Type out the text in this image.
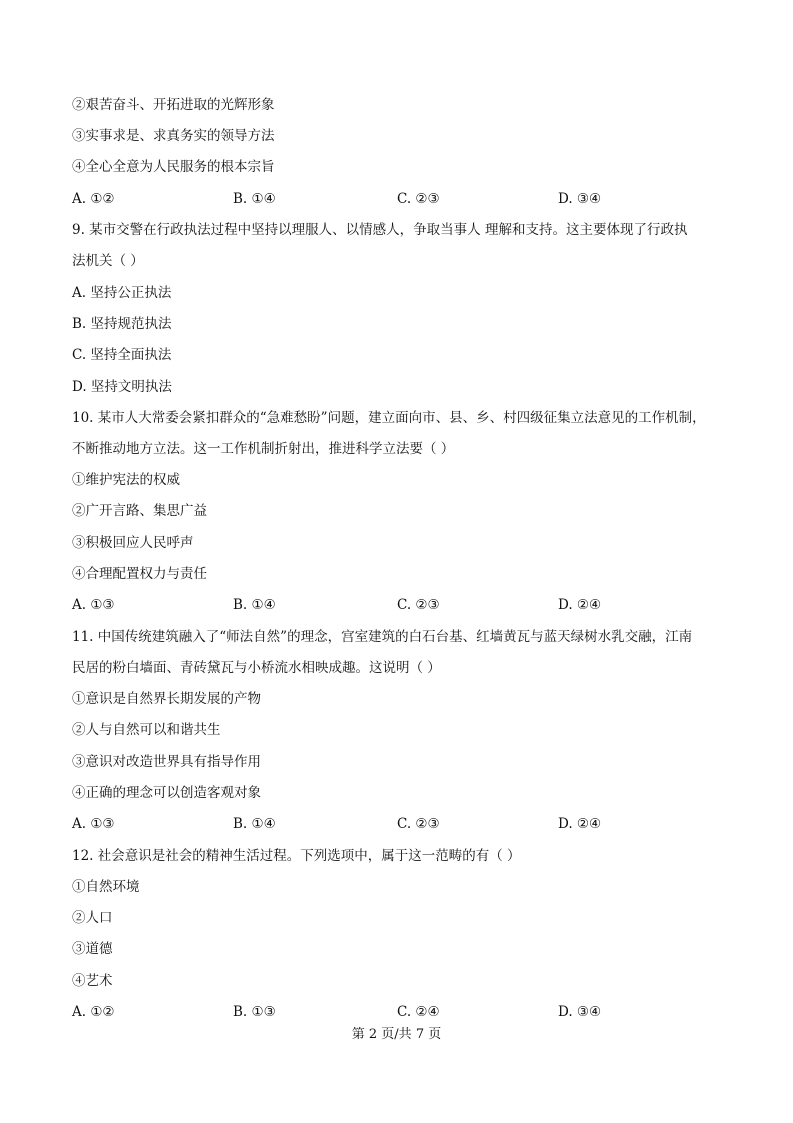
②艰苦奋斗、开拓进取的光辉形象
③实事求是、求真务实的领导方法
④全心全意为人民服务的根本宗旨
A. ①②	B. ①④	C. ②③	D. ③④
9. 某市交警在行政执法过程中坚持以理服人、以情感人，争取当事人 理解和支持。这主要体现了行政执
法机关（ ）
A. 坚持公正执法
B. 坚持规范执法
C. 坚持全面执法
D. 坚持文明执法
10. 某市人大常委会紧扣群众的“急难愁盼”问题，建立面向市、县、乡、村四级征集立法意见的工作机制，
不断推动地方立法。这一工作机制折射出，推进科学立法要（ ）
①维护宪法的权威
②广开言路、集思广益
③积极回应人民呼声
④合理配置权力与责任
A. ①③	B. ①④	C. ②③	D. ②④
11. 中国传统建筑融入了“师法自然”的理念，宫室建筑的白石台基、红墙黄瓦与蓝天绿树水乳交融，江南
民居的粉白墙面、青砖黛瓦与小桥流水相映成趣。这说明（ ）
①意识是自然界长期发展的产物
②人与自然可以和谐共生
③意识对改造世界具有指导作用
④正确的理念可以创造客观对象
A. ①③	B. ①④	C. ②③	D. ②④
12. 社会意识是社会的精神生活过程。下列选项中，属于这一范畴的有（ ）
①自然环境
②人口
③道德
④艺术
A. ①②	B. ①③	C. ②④	D. ③④
第 2 页/共 7 页
